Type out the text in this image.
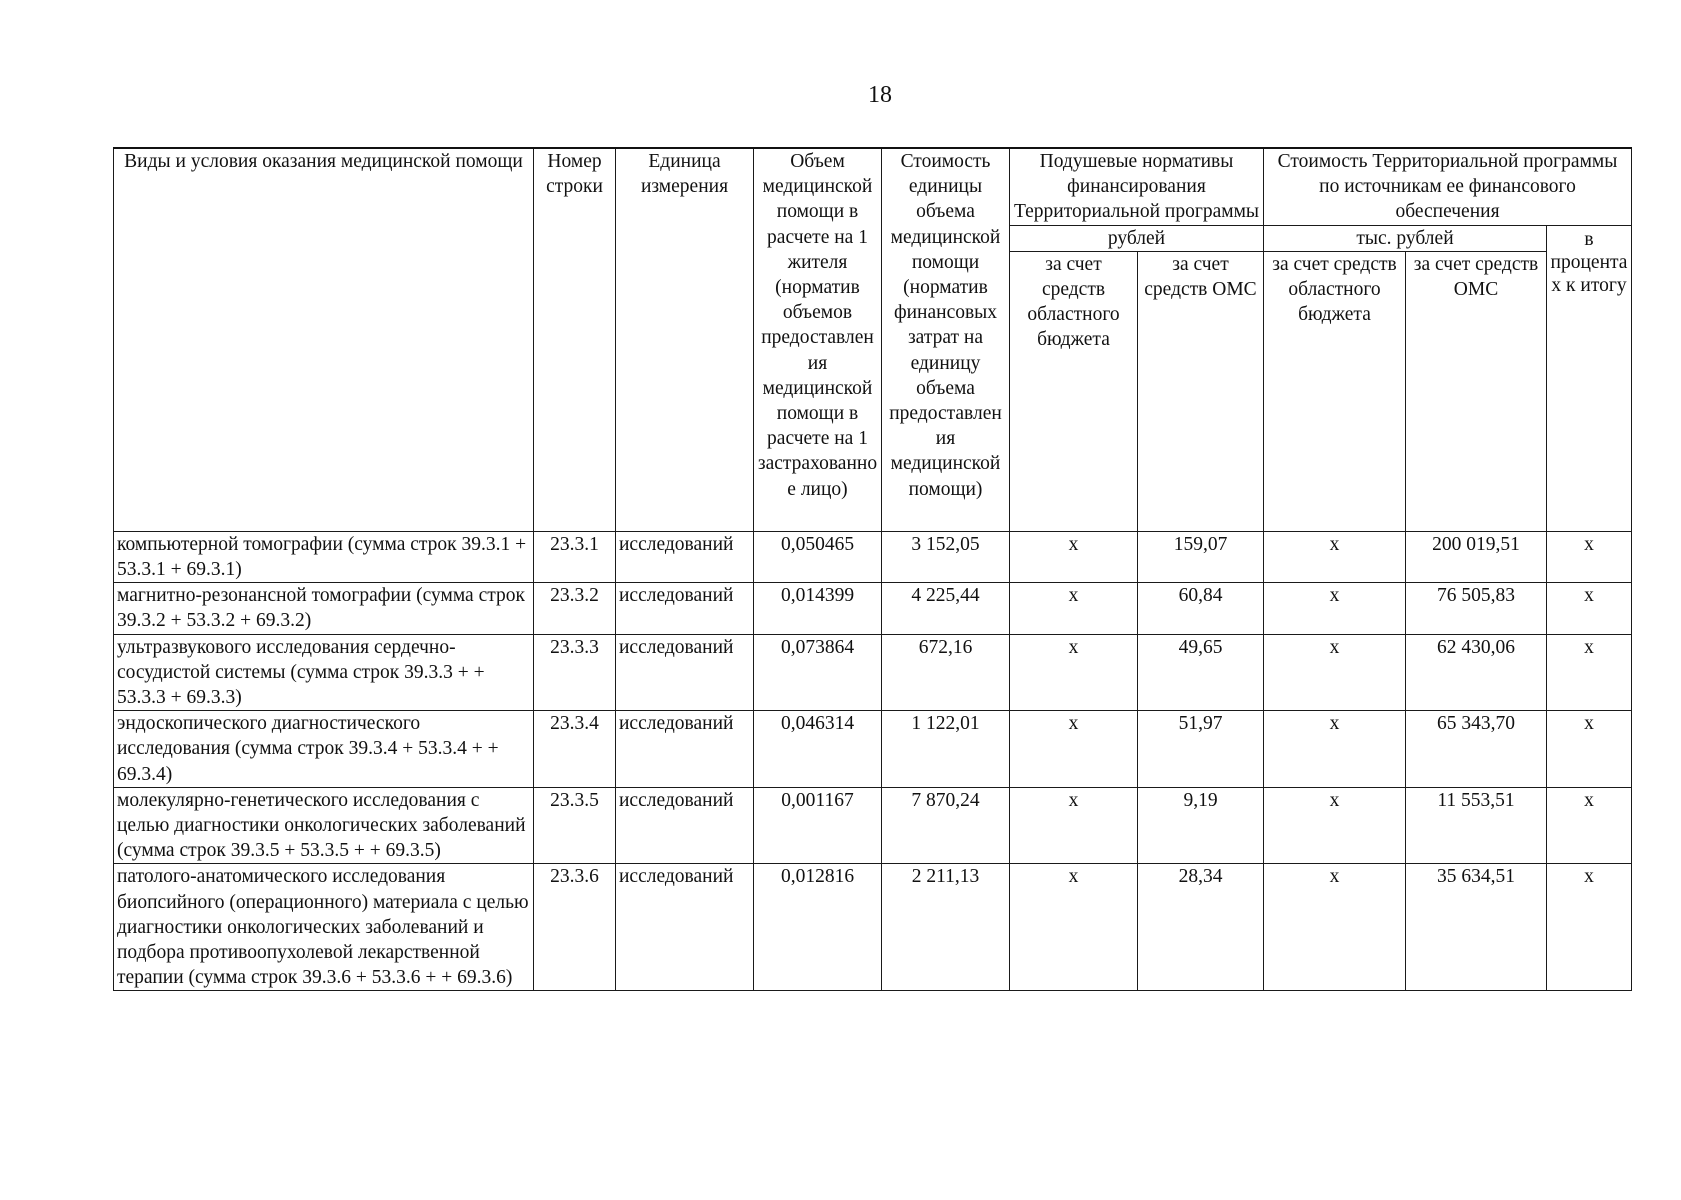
18
Виды и условия оказания медицинской помощи	Номер строки	Единица измерения	Объем медицинской помощи в расчете на 1 жителя (норматив объемов предоставления медицинской помощи в расчете на 1 застрахованное лицо)	Стоимость единицы объема медицинской помощи (норматив финансовых затрат на единицу объема предоставления медицинской помощи)	Подушевые нормативы финансирования Территориальной программы		Стоимость Территориальной программы по источникам ее финансового обеспечения		
					рублей		тыс. рублей		в процентах к итогу
					за счет средств областного бюджета	за счет средств ОМС	за счет средств областного бюджета	за счет средств ОМС	
компьютерной томографии (сумма строк 39.3.1 + 53.3.1 + 69.3.1)	23.3.1	исследований	0,050465	3 152,05	х	159,07	х	200 019,51	х
магнитно-резонансной томографии (сумма строк 39.3.2 + 53.3.2 + 69.3.2)	23.3.2	исследований	0,014399	4 225,44	х	60,84	х	76 505,83	х
ультразвукового исследования сердечно-сосудистой системы (сумма строк 39.3.3 + + 53.3.3 + 69.3.3)	23.3.3	исследований	0,073864	672,16	х	49,65	х	62 430,06	х
эндоскопического диагностического исследования (сумма строк 39.3.4 + 53.3.4 + + 69.3.4)	23.3.4	исследований	0,046314	1 122,01	х	51,97	х	65 343,70	х
молекулярно-генетического исследования с целью диагностики онкологических заболеваний (сумма строк 39.3.5 + 53.3.5 + + 69.3.5)	23.3.5	исследований	0,001167	7 870,24	х	9,19	х	11 553,51	х
патолого-анатомического исследования биопсийного (операционного) материала с целью диагностики онкологических заболеваний и подбора противоопухолевой лекарственной терапии (сумма строк 39.3.6 + 53.3.6 + + 69.3.6)	23.3.6	исследований	0,012816	2 211,13	х	28,34	х	35 634,51	х
